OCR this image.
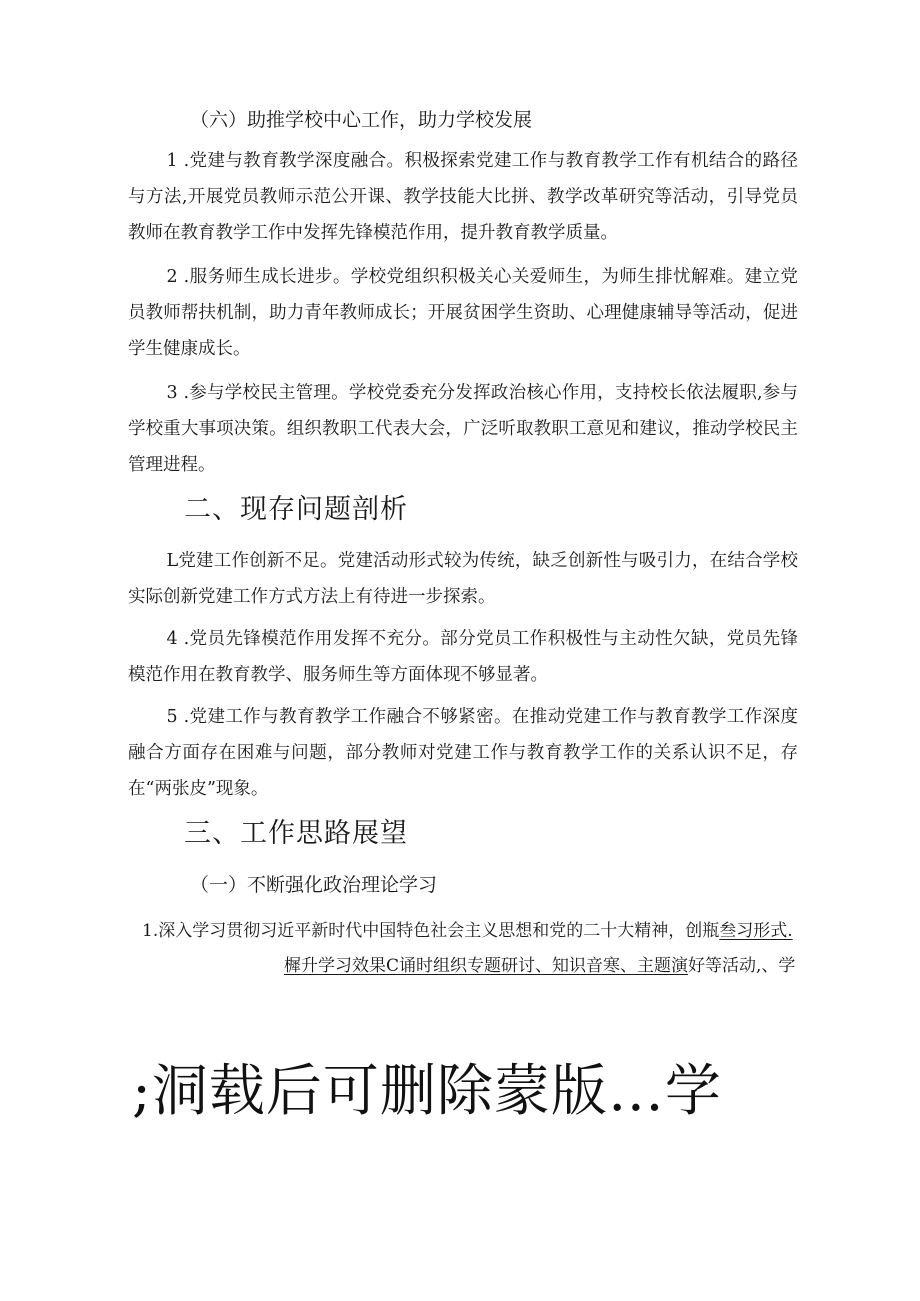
（六）助推学校中心工作，助力学校发展

1 .党建与教育教学深度融合。积极探索党建工作与教育教学工作有机结合的路径与方法,开展党员教师示范公开课、教学技能大比拼、教学改革研究等活动，引导党员教师在教育教学工作中发挥先锋模范作用，提升教育教学质量。

2 .服务师生成长进步。学校党组织积极关心关爱师生，为师生排忧解难。建立党员教师帮扶机制，助力青年教师成长；开展贫困学生资助、心理健康辅导等活动，促进学生健康成长。

3 .参与学校民主管理。学校党委充分发挥政治核心作用，支持校长依法履职,参与学校重大事项决策。组织教职工代表大会，广泛听取教职工意见和建议，推动学校民主管理进程。

二、现存问题剖析

L党建工作创新不足。党建活动形式较为传统，缺乏创新性与吸引力，在结合学校实际创新党建工作方式方法上有待进一步探索。

4 .党员先锋模范作用发挥不充分。部分党员工作积极性与主动性欠缺，党员先锋模范作用在教育教学、服务师生等方面体现不够显著。

5 .党建工作与教育教学工作融合不够紧密。在推动党建工作与教育教学工作深度融合方面存在困难与问题，部分教师对党建工作与教育教学工作的关系认识不足，存在“两张皮”现象。

三、工作思路展望
（一）不断强化政治理论学习
1.深入学习贯彻习近平新时代中国特色社会主义思想和党的二十大精神，创瓶叁习形式.
樨升学习效果C诵时组织专题研讨、知识音寒、主题演好等活动,、学
;洞载后可删除蒙版…学
